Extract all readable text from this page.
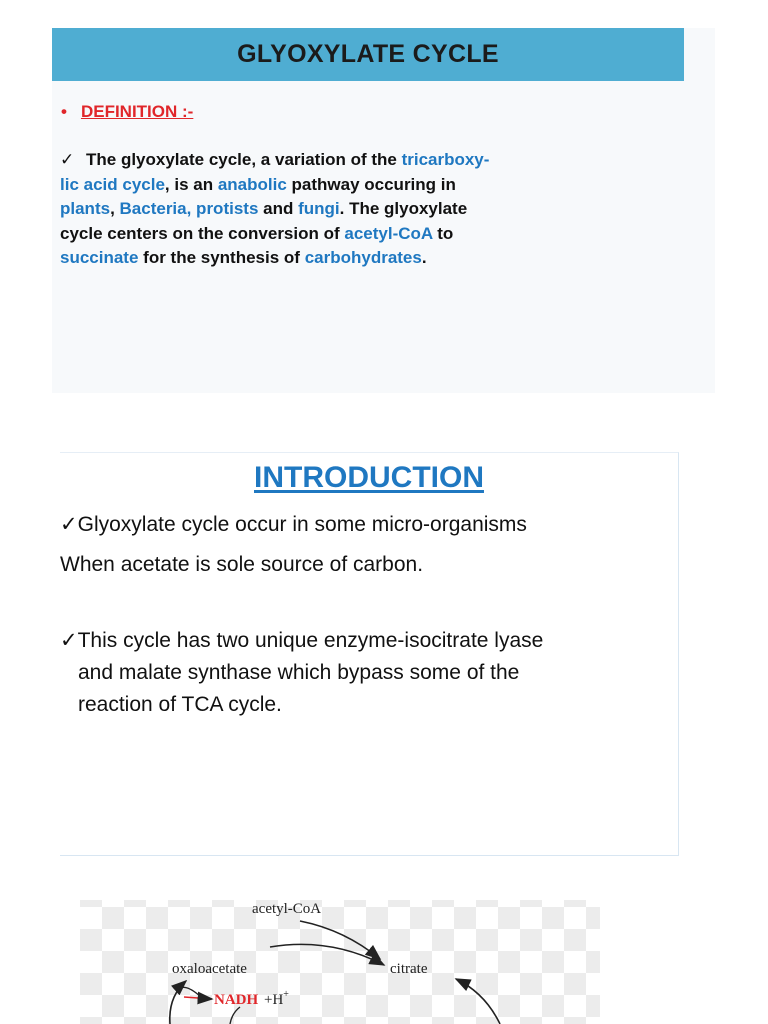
GLYOXYLATE CYCLE
• DEFINITION :-
✓ The glyoxylate cycle, a variation of the tricarboxy-
lic acid cycle, is an anabolic pathway occuring in
plants, Bacteria, protists and fungi. The glyoxylate
cycle centers on the conversion of acetyl-CoA to
succinate for the synthesis of carbohydrates.
INTRODUCTION
✓Glyoxylate cycle occur in some micro-organisms
When acetate is sole source of carbon.
✓This cycle has two unique enzyme-isocitrate lyase
and malate synthase which bypass some of the
reaction of TCA cycle.
acetyl-CoA
oxaloacetate	citrate
NADH +H+
